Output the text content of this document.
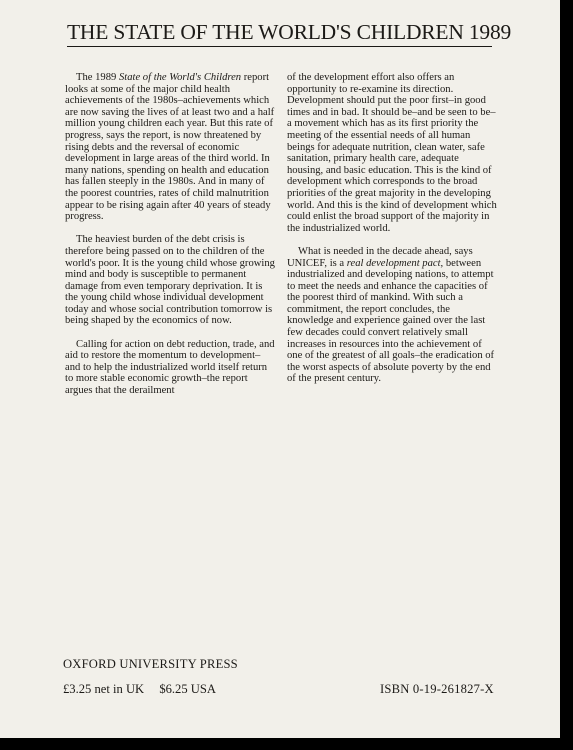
THE STATE OF THE WORLD'S CHILDREN 1989

The 1989 State of the World's Children report looks at some of the major child health achievements of the 1980s–achievements which are now saving the lives of at least two and a half million young children each year. But this rate of progress, says the report, is now threatened by rising debts and the reversal of economic development in large areas of the third world. In many nations, spending on health and education has fallen steeply in the 1980s. And in many of the poorest countries, rates of child malnutrition appear to be rising again after 40 years of steady progress.

The heaviest burden of the debt crisis is therefore being passed on to the children of the world's poor. It is the young child whose growing mind and body is susceptible to permanent damage from even temporary deprivation. It is the young child whose individual development today and whose social contribution tomorrow is being shaped by the economics of now.

Calling for action on debt reduction, trade, and aid to restore the momentum to development–and to help the industrialized world itself return to more stable economic growth–the report argues that the derailment

of the development effort also offers an opportunity to re-examine its direction. Development should put the poor first–in good times and in bad. It should be–and be seen to be–a movement which has as its first priority the meeting of the essential needs of all human beings for adequate nutrition, clean water, safe sanitation, primary health care, adequate housing, and basic education. This is the kind of development which corresponds to the broad priorities of the great majority in the developing world. And this is the kind of development which could enlist the broad support of the majority in the industrialized world.

What is needed in the decade ahead, says UNICEF, is a real development pact, between industrialized and developing nations, to attempt to meet the needs and enhance the capacities of the poorest third of mankind. With such a commitment, the report concludes, the knowledge and experience gained over the last few decades could convert relatively small increases in resources into the achievement of one of the greatest of all goals–the eradication of the worst aspects of absolute poverty by the end of the present century.

OXFORD UNIVERSITY PRESS
£3.25 net in UK $6.25 USA	ISBN 0-19-261827-X
